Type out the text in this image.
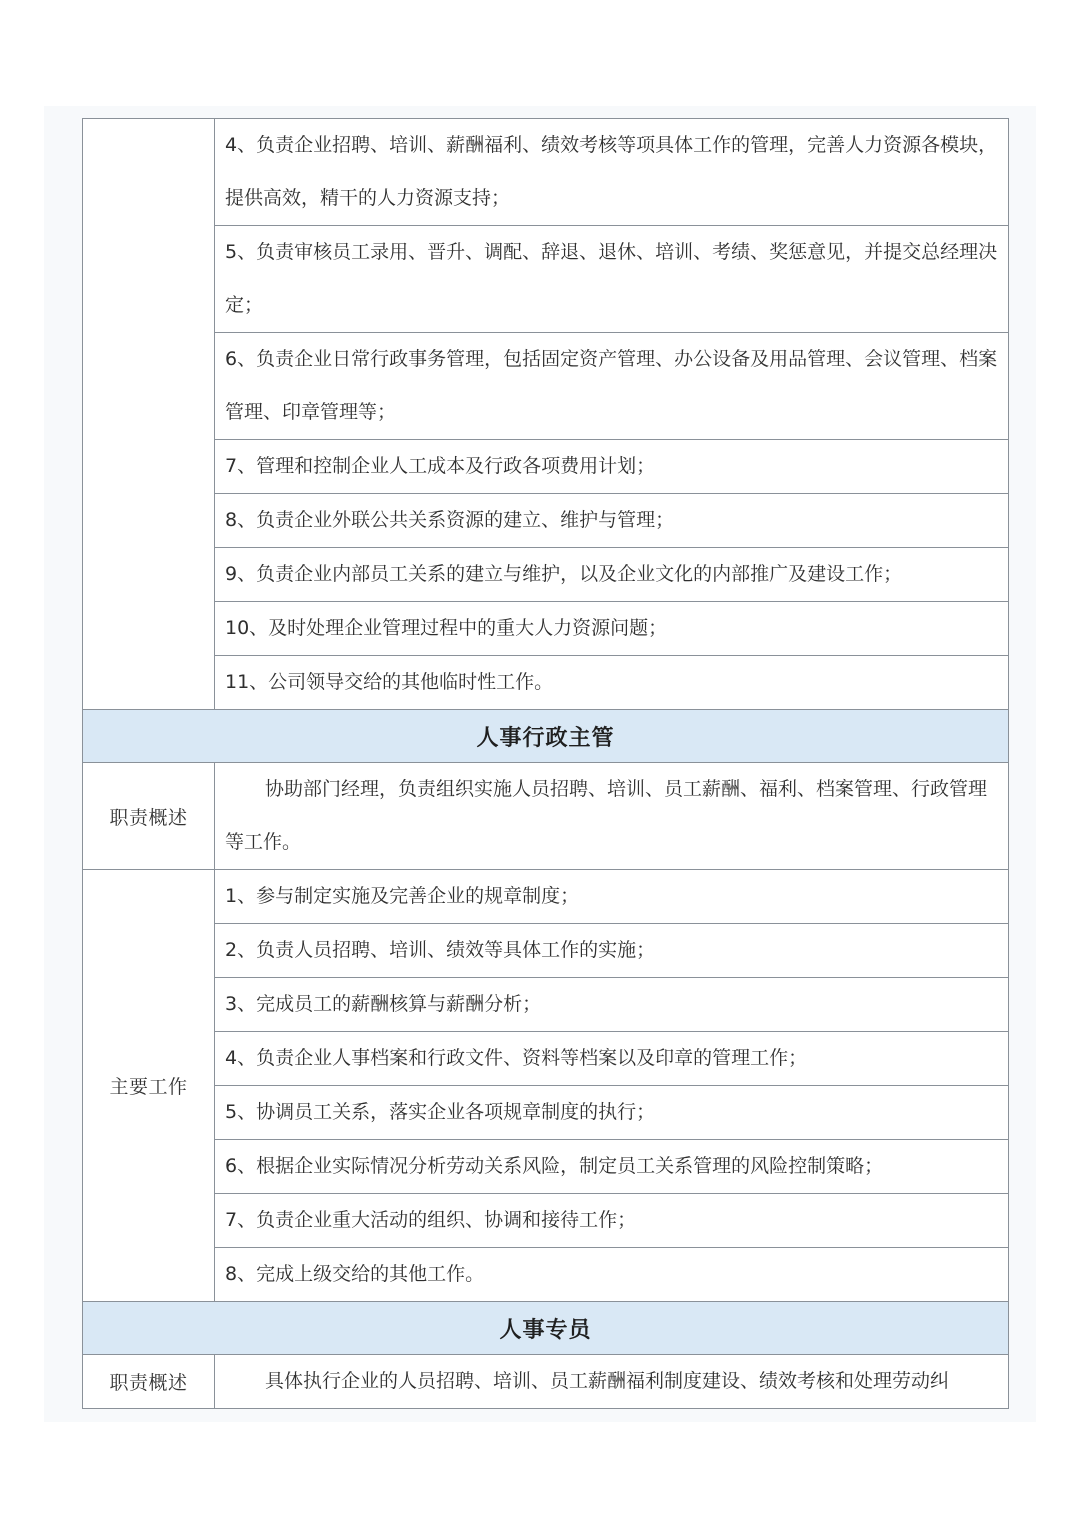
	4、负责企业招聘、培训、薪酬福利、绩效考核等项具体工作的管理，完善人力资源各模块，提供高效，精干的人力资源支持；
	5、负责审核员工录用、晋升、调配、辞退、退休、培训、考绩、奖惩意见，并提交总经理决定；
	6、负责企业日常行政事务管理，包括固定资产管理、办公设备及用品管理、会议管理、档案管理、印章管理等；
	7、管理和控制企业人工成本及行政各项费用计划；
	8、负责企业外联公共关系资源的建立、维护与管理；
	9、负责企业内部员工关系的建立与维护，以及企业文化的内部推广及建设工作；
	10、及时处理企业管理过程中的重大人力资源问题；
	11、公司领导交给的其他临时性工作。
人事行政主管	
职责概述	协助部门经理，负责组织实施人员招聘、培训、员工薪酬、福利、档案管理、行政管理等工作。
主要工作	1、参与制定实施及完善企业的规章制度；
	2、负责人员招聘、培训、绩效等具体工作的实施；
	3、完成员工的薪酬核算与薪酬分析；
	4、负责企业人事档案和行政文件、资料等档案以及印章的管理工作；
	5、协调员工关系，落实企业各项规章制度的执行；
	6、根据企业实际情况分析劳动关系风险，制定员工关系管理的风险控制策略；
	7、负责企业重大活动的组织、协调和接待工作；
	8、完成上级交给的其他工作。
人事专员	
职责概述	具体执行企业的人员招聘、培训、员工薪酬福利制度建设、绩效考核和处理劳动纠
